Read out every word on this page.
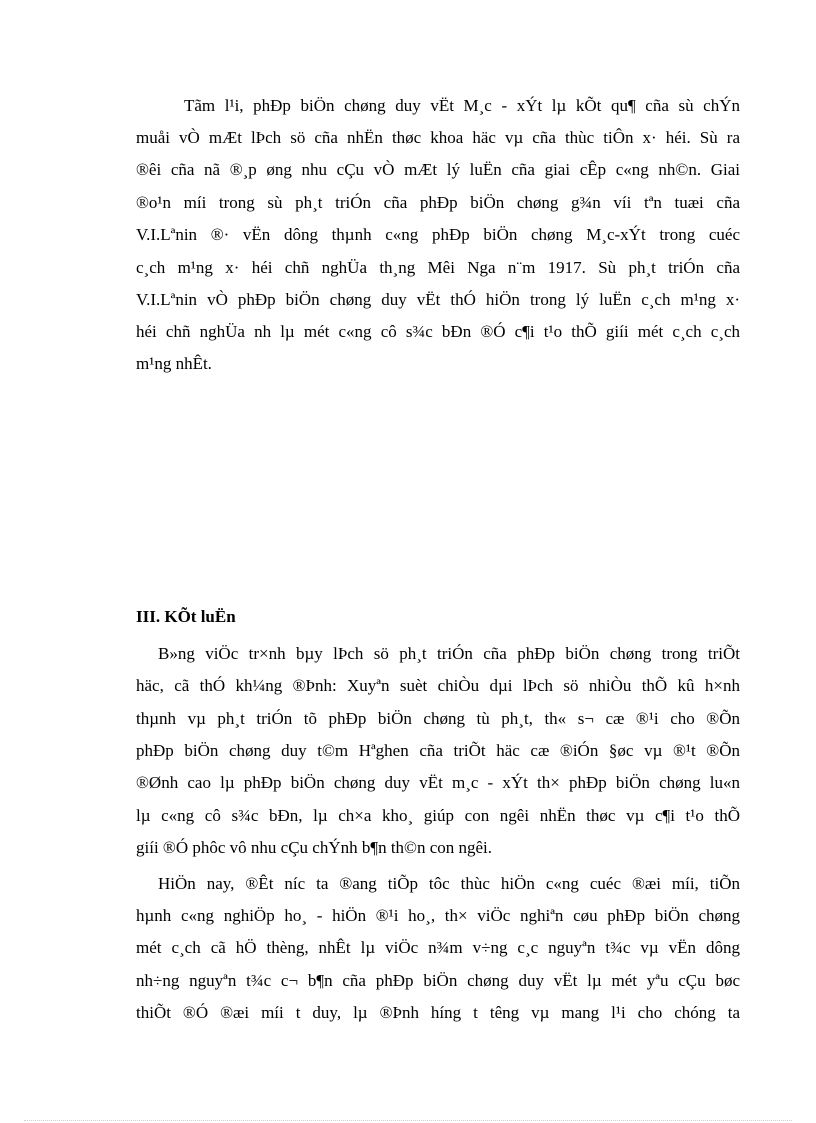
Tãm l¹i, phÐp biÖn chøng duy vËt M¸c - xÝt lµ kÕt qu¶ cña sù chÝn
muåi vÒ mÆt lÞch sö cña nhËn thøc khoa häc vµ cña thùc tiÔn x· héi. Sù ra
®êi cña nã ®¸p øng nhu cÇu vÒ mÆt lý luËn cña giai cÊp c«ng nh©n. Giai
®o¹n míi trong sù ph¸t triÓn cña phÐp biÖn chøng g¾n víi tªn tuæi cña
V.I.Lªnin ®· vËn dông thµnh c«ng phÐp biÖn chøng M¸c-xÝt trong cuéc
c¸ch m¹ng x· héi chñ nghÜa th¸ng Mêi Nga n¨m 1917. Sù ph¸t triÓn cña
V.I.Lªnin vÒ phÐp biÖn chøng duy vËt thÓ hiÖn trong lý luËn c¸ch m¹ng x·
héi chñ nghÜa nh lµ mét c«ng cô s¾c bÐn ®Ó c¶i t¹o thÕ giíi mét c¸ch c¸ch
m¹ng nhÊt.
III. KÕt luËn
B»ng viÖc tr×nh bµy lÞch sö ph¸t triÓn cña phÐp biÖn chøng trong triÕt
häc, cã thÓ kh¼ng ®Þnh: Xuyªn suèt chiÒu dµi lÞch sö nhiÒu thÕ kû h×nh
thµnh vµ ph¸t triÓn tõ phÐp biÖn chøng tù ph¸t, th« s¬ cæ ®¹i cho ®Õn
phÐp biÖn chøng duy t©m Hªghen cña triÕt häc cæ ®iÓn §øc vµ ®¹t ®Õn
®Ønh cao lµ phÐp biÖn chøng duy vËt m¸c - xÝt th× phÐp biÖn chøng lu«n
lµ c«ng cô s¾c bÐn, lµ ch×a kho¸ giúp con ngêi nhËn thøc vµ c¶i t¹o thÕ
giíi ®Ó phôc vô nhu cÇu chÝnh b¶n th©n con ngêi.
HiÖn nay, ®Êt níc ta ®ang tiÕp tôc thùc hiÖn c«ng cuéc ®æi míi, tiÕn
hµnh c«ng nghiÖp ho¸ - hiÖn ®¹i ho¸, th× viÖc nghiªn cøu phÐp biÖn chøng
mét c¸ch cã hÖ thèng, nhÊt lµ viÖc n¾m v÷ng c¸c nguyªn t¾c vµ vËn dông
nh÷ng nguyªn t¾c c¬ b¶n cña phÐp biÖn chøng duy vËt lµ mét yªu cÇu bøc
thiÕt ®Ó ®æi míi t duy, lµ ®Þnh híng t têng vµ mang l¹i cho chóng ta
